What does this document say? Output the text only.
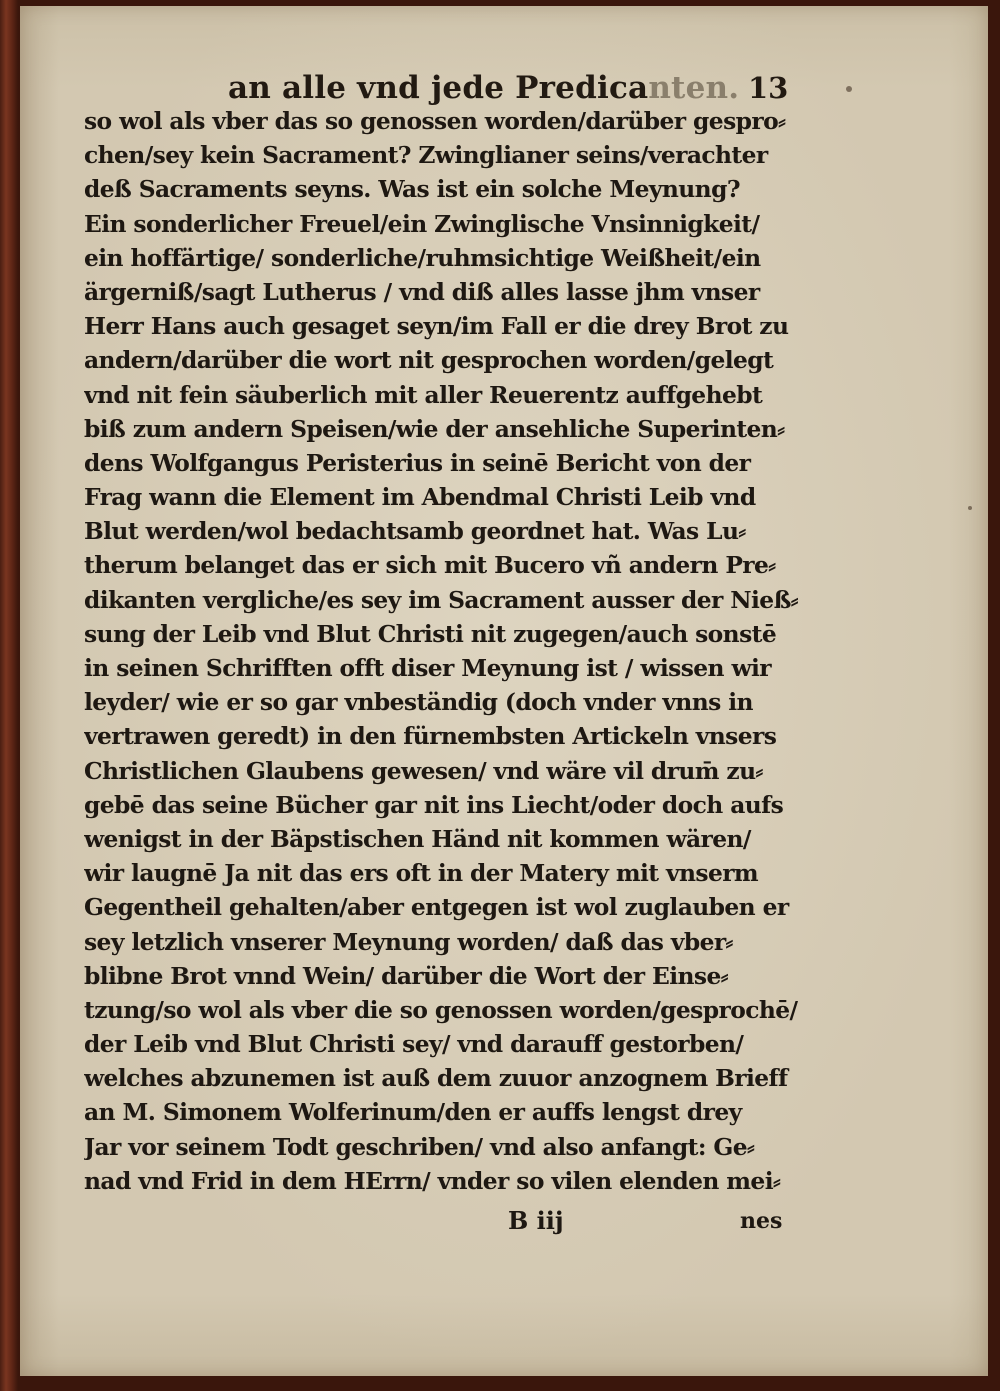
an alle vnd jede Predicanten. 13
so wol als vber das so genossen worden/darüber gespro⸗
chen/sey kein Sacrament? Zwinglianer seins/verachter
deß Sacraments seyns. Was ist ein solche Meynung?
Ein sonderlicher Freuel/ein Zwinglische Vnsinnigkeit/
ein hoffärtige/ sonderliche/ruhmsichtige Weißheit/ein
ärgerniß/sagt Lutherus / vnd diß alles lasse jhm vnser
Herr Hans auch gesaget seyn/im Fall er die drey Brot zu
andern/darüber die wort nit gesprochen worden/gelegt
vnd nit fein säuberlich mit aller Reuerentz auffgehebt
biß zum andern Speisen/wie der ansehliche Superinten⸗
dens Wolfgangus Peristerius in seinē Bericht von der
Frag wann die Element im Abendmal Christi Leib vnd
Blut werden/wol bedachtsamb geordnet hat. Was Lu⸗
therum belanget das er sich mit Bucero vñ andern Pre⸗
dikanten vergliche/es sey im Sacrament ausser der Nieß⸗
sung der Leib vnd Blut Christi nit zugegen/auch sonstē
in seinen Schrifften offt diser Meynung ist / wissen wir
leyder/ wie er so gar vnbeständig (doch vnder vnns in
vertrawen geredt) in den fürnembsten Artickeln vnsers
Christlichen Glaubens gewesen/ vnd wäre vil drum̄ zu⸗
gebē das seine Bücher gar nit ins Liecht/oder doch aufs
wenigst in der Bäpstischen Händ nit kommen wären/
wir laugnē Ja nit das ers oft in der Matery mit vnserm
Gegentheil gehalten/aber entgegen ist wol zuglauben er
sey letzlich vnserer Meynung worden/ daß das vber⸗
blibne Brot vnnd Wein/ darüber die Wort der Einse⸗
tzung/so wol als vber die so genossen worden/gesprochē/
der Leib vnd Blut Christi sey/ vnd darauff gestorben/
welches abzunemen ist auß dem zuuor anzognem Brieff
an M. Simonem Wolferinum/den er auffs lengst drey
Jar vor seinem Todt geschriben/ vnd also anfangt: Ge⸗
nad vnd Frid in dem HErrn/ vnder so vilen elenden mei⸗
B iij	nes
